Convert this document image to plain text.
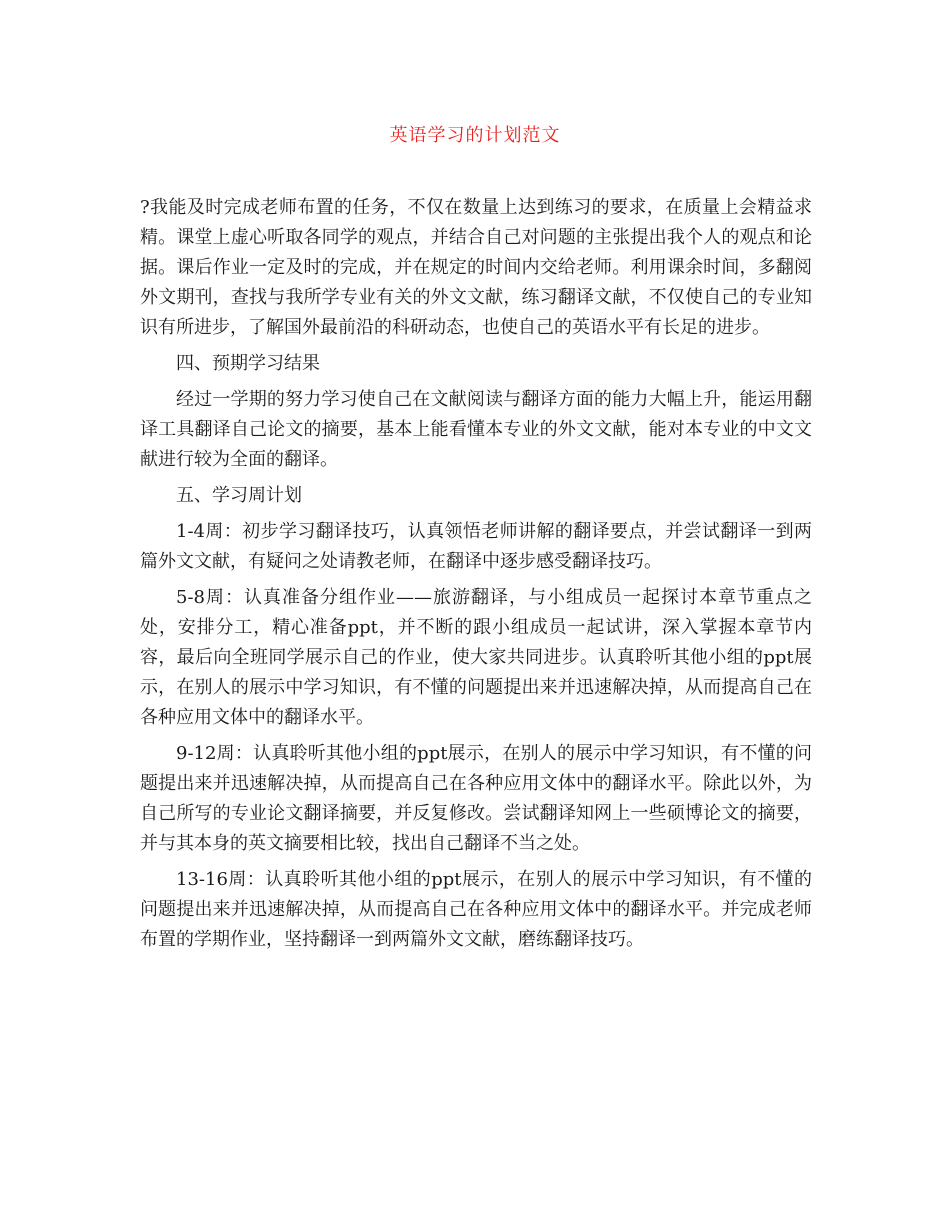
英语学习的计划范文

?我能及时完成老师布置的任务，不仅在数量上达到练习的要求，在质量上会精益求精。课堂上虚心听取各同学的观点，并结合自己对问题的主张提出我个人的观点和论据。课后作业一定及时的完成，并在规定的时间内交给老师。利用课余时间，多翻阅外文期刊，查找与我所学专业有关的外文文献，练习翻译文献，不仅使自己的专业知识有所进步，了解国外最前沿的科研动态，也使自己的英语水平有长足的进步。

四、预期学习结果

经过一学期的努力学习使自己在文献阅读与翻译方面的能力大幅上升，能运用翻译工具翻译自己论文的摘要，基本上能看懂本专业的外文文献，能对本专业的中文文献进行较为全面的翻译。

五、学习周计划

1-4周：初步学习翻译技巧，认真领悟老师讲解的翻译要点，并尝试翻译一到两篇外文文献，有疑问之处请教老师，在翻译中逐步感受翻译技巧。

5-8周：认真准备分组作业——旅游翻译，与小组成员一起探讨本章节重点之处，安排分工，精心准备ppt，并不断的跟小组成员一起试讲，深入掌握本章节内容，最后向全班同学展示自己的作业，使大家共同进步。认真聆听其他小组的ppt展示，在别人的展示中学习知识，有不懂的问题提出来并迅速解决掉，从而提高自己在各种应用文体中的翻译水平。

9-12周：认真聆听其他小组的ppt展示，在别人的展示中学习知识，有不懂的问题提出来并迅速解决掉，从而提高自己在各种应用文体中的翻译水平。除此以外，为自己所写的专业论文翻译摘要，并反复修改。尝试翻译知网上一些硕博论文的摘要，并与其本身的英文摘要相比较，找出自己翻译不当之处。

13-16周：认真聆听其他小组的ppt展示，在别人的展示中学习知识，有不懂的问题提出来并迅速解决掉，从而提高自己在各种应用文体中的翻译水平。并完成老师布置的学期作业，坚持翻译一到两篇外文文献，磨练翻译技巧。
